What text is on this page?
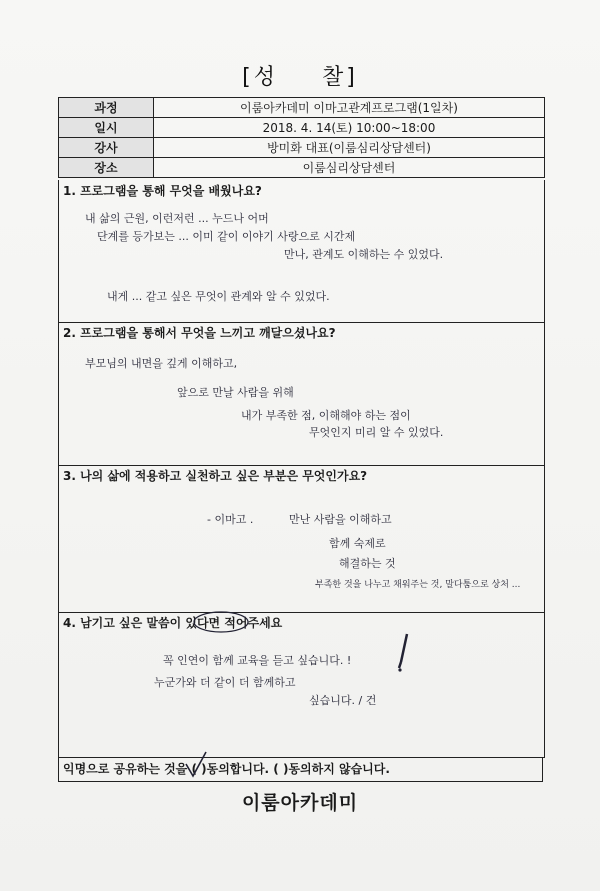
[성 찰]
과정	이룸아카데미 이마고관계프로그램(1일차)
일시	2018. 4. 14(토) 10:00~18:00
강사	방미화 대표(이룸심리상담센터)
장소	이룸심리상담센터
1. 프로그램을 통해 무엇을 배웠나요?
내 삶의 근원, 이런저런 ... 누드나 어머
단계를 등가보는 ... 이미 같이 이야기 사랑으로 시간제
만나, 관계도 이해하는 수 있었다.
내게 ... 같고 싶은 무엇이 관계와 알 수 있었다.
2. 프로그램을 통해서 무엇을 느끼고 깨달으셨나요?
부모님의 내면을 깊게 이해하고,
앞으로 만날 사람을 위해
내가 부족한 점, 이해해야 하는 점이
무엇인지 미리 알 수 있었다.
3. 나의 삶에 적용하고 실천하고 싶은 부분은 무엇인가요?
- 이마고 .	만난 사람을 이해하고
함께 숙제로
해결하는 것
부족한 것을 나누고 채워주는 것, 말다툼으로 상처 ...
4. 남기고 싶은 말씀이 있다면 적어주세요
꼭 인연이 함께 교육을 듣고 싶습니다. !
누군가와 더 같이 더 함께하고
싶습니다. / 건
익명으로 공유하는 것을 ( )동의합니다. ( )동의하지 않습니다.
이룸아카데미
